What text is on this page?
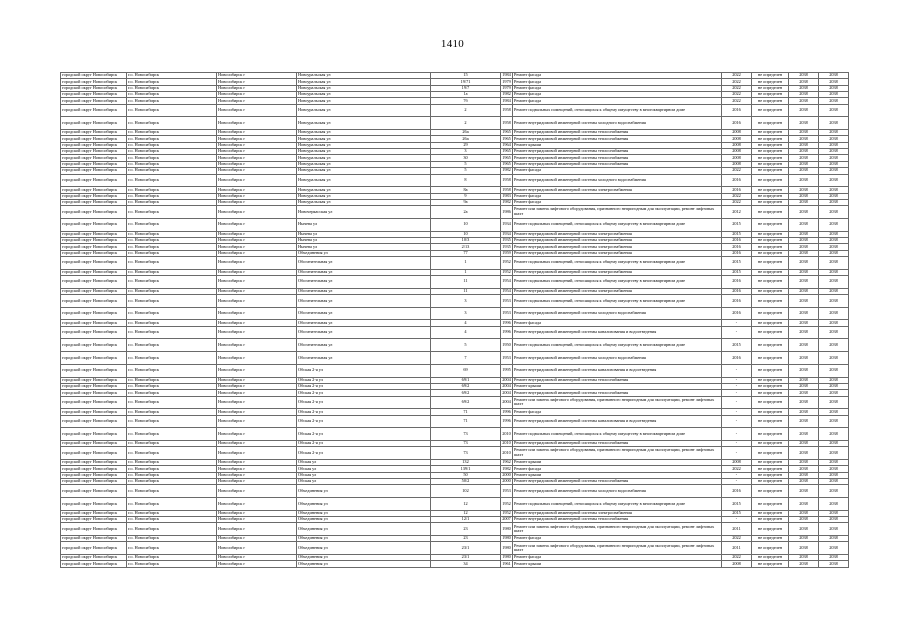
1410
городской округ Новосибирск	г.о. Новосибирск	Новосибирск г	Новоуральская ул	15	1984	Ремонт фасада	2022	не определен	2038	2038
городской округ Новосибирск	г.о. Новосибирск	Новосибирск г	Новоуральская ул	19/71	1979	Ремонт фасада	2022	не определен	2038	2038
городской округ Новосибирск	г.о. Новосибирск	Новосибирск г	Новоуральская ул	19/7	1979	Ремонт фасада	2022	не определен	2038	2038
городской округ Новосибирск	г.о. Новосибирск	Новосибирск г	Новоуральская ул	1а	1982	Ремонт фасада	2022	не определен	2038	2038
городской округ Новосибирск	г.о. Новосибирск	Новосибирск г	Новоуральская ул	7б	1984	Ремонт фасада	2022	не определен	2038	2038
городской округ Новосибирск	г.о. Новосибирск	Новосибирск г	Новоуральская ул	2	1958	Ремонт подвальных помещений, относящихся к общему имуществу в многоквартирном доме	2016	не определен	2038	2038
городской округ Новосибирск	г.о. Новосибирск	Новосибирск г	Новоуральская ул	2	1958	Ремонт внутридомовой инженерной системы холодного водоснабжения	2016	не определен	2038	2038
городской округ Новосибирск	г.о. Новосибирск	Новосибирск г	Новоуральская ул	26а	1965	Ремонт внутридомовой инженерной системы теплоснабжения	2008	не определен	2038	2038
городской округ Новосибирск	г.о. Новосибирск	Новосибирск г	Новоуральская ул	26а	1965	Ремонт внутридомовой инженерной системы теплоснабжения	2008	не определен	2038	2038
городской округ Новосибирск	г.о. Новосибирск	Новосибирск г	Новоуральская ул	29	1964	Ремонт крыши	2008	не определен	2038	2038
городской округ Новосибирск	г.о. Новосибирск	Новосибирск г	Новоуральская ул	3	1965	Ремонт внутридомовой инженерной системы теплоснабжения	2008	не определен	2038	2038
городской округ Новосибирск	г.о. Новосибирск	Новосибирск г	Новоуральская ул	30	1965	Ремонт внутридомовой инженерной системы теплоснабжения	2008	не определен	2038	2038
городской округ Новосибирск	г.о. Новосибирск	Новосибирск г	Новоуральская ул	5	1965	Ремонт внутридомовой инженерной системы теплоснабжения	2008	не определен	2038	2038
городской округ Новосибирск	г.о. Новосибирск	Новосибирск г	Новоуральская ул	5	1982	Ремонт фасада	2022	не определен	2038	2038
городской округ Новосибирск	г.о. Новосибирск	Новосибирск г	Новоуральская ул	8	1958	Ремонт внутридомовой инженерной системы холодного водоснабжения	2016	не определен	2038	2038
городской округ Новосибирск	г.о. Новосибирск	Новосибирск г	Новоуральская ул	8а	1958	Ремонт внутридомовой инженерной системы электроснабжения	2016	не определен	2038	2038
городской округ Новосибирск	г.о. Новосибирск	Новосибирск г	Новоуральская ул	9	1983	Ремонт фасада	2022	не определен	2038	2038
городской округ Новосибирск	г.о. Новосибирск	Новосибирск г	Новоуральская ул	9а	1982	Ремонт фасада	2022	не определен	2038	2038
городской округ Новосибирск	г.о. Новосибирск	Новосибирск г	Новочеркасская ул	2а	1986	Ремонт или замена лифтового оборудования, признанного непригодным для эксплуатации, ремонт лифтовых шахт	2012	не определен	2038	2038
городской округ Новосибирск	г.о. Новосибирск	Новосибирск г	Нычева ул	10	1934	Ремонт подвальных помещений, относящихся к общему имуществу в многоквартирном доме	2015	не определен	2038	2038
городской округ Новосибирск	г.о. Новосибирск	Новосибирск г	Нычева ул	10	1934	Ремонт внутридомовой инженерной системы электроснабжения	2015	не определен	2038	2038
городской округ Новосибирск	г.о. Новосибирск	Новосибирск г	Нычева ул	10/3	1935	Ремонт внутридомовой инженерной системы электроснабжения	2016	не определен	2038	2038
городской округ Новосибирск	г.о. Новосибирск	Новосибирск г	Нычева ул	2/13	1935	Ремонт внутридомовой инженерной системы электроснабжения	2016	не определен	2038	2038
городской округ Новосибирск	г.о. Новосибирск	Новосибирск г	Объединения ул	77	1959	Ремонт внутридомовой инженерной системы электроснабжения	2016	не определен	2038	2038
городской округ Новосибирск	г.о. Новосибирск	Новосибирск г	Обогатительная ул	1	1952	Ремонт подвальных помещений, относящихся к общему имуществу в многоквартирном доме	2015	не определен	2038	2038
городской округ Новосибирск	г.о. Новосибирск	Новосибирск г	Обогатительная ул	1	1952	Ремонт внутридомовой инженерной системы электроснабжения	2015	не определен	2038	2038
городской округ Новосибирск	г.о. Новосибирск	Новосибирск г	Обогатительная ул	11	1954	Ремонт подвальных помещений, относящихся к общему имуществу в многоквартирном доме	2016	не определен	2038	2038
городской округ Новосибирск	г.о. Новосибирск	Новосибирск г	Обогатительная ул	11	1954	Ремонт внутридомовой инженерной системы электроснабжения	2016	не определен	2038	2038
городской округ Новосибирск	г.о. Новосибирск	Новосибирск г	Обогатительная ул	3	1953	Ремонт подвальных помещений, относящихся к общему имуществу в многоквартирном доме	2016	не определен	2038	2038
городской округ Новосибирск	г.о. Новосибирск	Новосибирск г	Обогатительная ул	3	1953	Ремонт внутридомовой инженерной системы холодного водоснабжения	2016	не определен	2038	2038
городской округ Новосибирск	г.о. Новосибирск	Новосибирск г	Обогатительная ул	4	1996	Ремонт фасада	-	не определен	2038	2038
городской округ Новосибирск	г.о. Новосибирск	Новосибирск г	Обогатительная ул	4	1996	Ремонт внутридомовой инженерной системы канализования и водоотведения	-	не определен	2038	2038
городской округ Новосибирск	г.о. Новосибирск	Новосибирск г	Обогатительная ул	5	1950	Ремонт подвальных помещений, относящихся к общему имуществу в многоквартирном доме	2015	не определен	2038	2038
городской округ Новосибирск	г.о. Новосибирск	Новосибирск г	Обогатительная ул	7	1953	Ремонт внутридомовой инженерной системы холодного водоснабжения	2016	не определен	2038	2038
городской округ Новосибирск	г.о. Новосибирск	Новосибирск г	Обская 2-я ул	69	1995	Ремонт внутридомовой инженерной системы канализования и водоотведения	-	не определен	2038	2038
городской округ Новосибирск	г.о. Новосибирск	Новосибирск г	Обская 2-я ул	69/1	2004	Ремонт внутридомовой инженерной системы теплоснабжения	-	не определен	2038	2038
городской округ Новосибирск	г.о. Новосибирск	Новосибирск г	Обская 2-я ул	69/2	2004	Ремонт крыши	-	не определен	2038	2038
городской округ Новосибирск	г.о. Новосибирск	Новосибирск г	Обская 2-я ул	69/2	2004	Ремонт внутридомовой инженерной системы теплоснабжения	-	не определен	2038	2038
городской округ Новосибирск	г.о. Новосибирск	Новосибирск г	Обская 2-я ул	69/2	2004	Ремонт или замена лифтового оборудования, признанного непригодным для эксплуатации, ремонт лифтовых шахт	-	не определен	2038	2038
городской округ Новосибирск	г.о. Новосибирск	Новосибирск г	Обская 2-я ул	71	1996	Ремонт фасада	-	не определен	2038	2038
городской округ Новосибирск	г.о. Новосибирск	Новосибирск г	Обская 2-я ул	71	1996	Ремонт внутридомовой инженерной системы канализования и водоотведения	-	не определен	2038	2038
городской округ Новосибирск	г.о. Новосибирск	Новосибирск г	Обская 2-я ул	73	2010	Ремонт подвальных помещений, относящихся к общему имуществу в многоквартирном доме	-	не определен	2038	2038
городской округ Новосибирск	г.о. Новосибирск	Новосибирск г	Обская 2-я ул	73	2010	Ремонт внутридомовой инженерной системы теплоснабжения	-	не определен	2038	2038
городской округ Новосибирск	г.о. Новосибирск	Новосибирск г	Обская 2-я ул	73	2010	Ремонт или замена лифтового оборудования, признанного непригодным для эксплуатации, ремонт лифтовых шахт	-	не определен	2038	2038
городской округ Новосибирск	г.о. Новосибирск	Новосибирск г	Обская ул	132	1962	Ремонт крыши	2008	не определен	2038	2038
городской округ Новосибирск	г.о. Новосибирск	Новосибирск г	Обская ул	139/1	1982	Ремонт фасада	2022	не определен	2038	2038
городской округ Новосибирск	г.о. Новосибирск	Новосибирск г	Обская ул	50	2000	Ремонт крыши	-	не определен	2038	2038
городской округ Новосибирск	г.о. Новосибирск	Новосибирск г	Обская ул	50/2	2000	Ремонт внутридомовой инженерной системы теплоснабжения	-	не определен	2038	2038
городской округ Новосибирск	г.о. Новосибирск	Новосибирск г	Объединения ул	102	1953	Ремонт внутридомовой инженерной системы холодного водоснабжения	2016	не определен	2038	2038
городской округ Новосибирск	г.о. Новосибирск	Новосибирск г	Объединения ул	12	1952	Ремонт подвальных помещений, относящихся к общему имуществу в многоквартирном доме	2015	не определен	2038	2038
городской округ Новосибирск	г.о. Новосибирск	Новосибирск г	Объединения ул	12	1952	Ремонт внутридомовой инженерной системы электроснабжения	2015	не определен	2038	2038
городской округ Новосибирск	г.о. Новосибирск	Новосибирск г	Объединения ул	12/1	2007	Ремонт внутридомовой инженерной системы теплоснабжения	-	не определен	2038	2038
городской округ Новосибирск	г.о. Новосибирск	Новосибирск г	Объединения ул	23	1980	Ремонт или замена лифтового оборудования, признанного непригодным для эксплуатации, ремонт лифтовых шахт	2011	не определен	2038	2038
городской округ Новосибирск	г.о. Новосибирск	Новосибирск г	Объединения ул	23	1980	Ремонт фасада	2022	не определен	2038	2038
городской округ Новосибирск	г.о. Новосибирск	Новосибирск г	Объединения ул	23/1	1980	Ремонт или замена лифтового оборудования, признанного непригодным для эксплуатации, ремонт лифтовых шахт	2011	не определен	2038	2038
городской округ Новосибирск	г.о. Новосибирск	Новосибирск г	Объединения ул	23/1	1980	Ремонт фасада	2022	не определен	2038	2038
городской округ Новосибирск	г.о. Новосибирск	Новосибирск г	Объединения ул	34	1961	Ремонт крыши	2008	не определен	2038	2038
